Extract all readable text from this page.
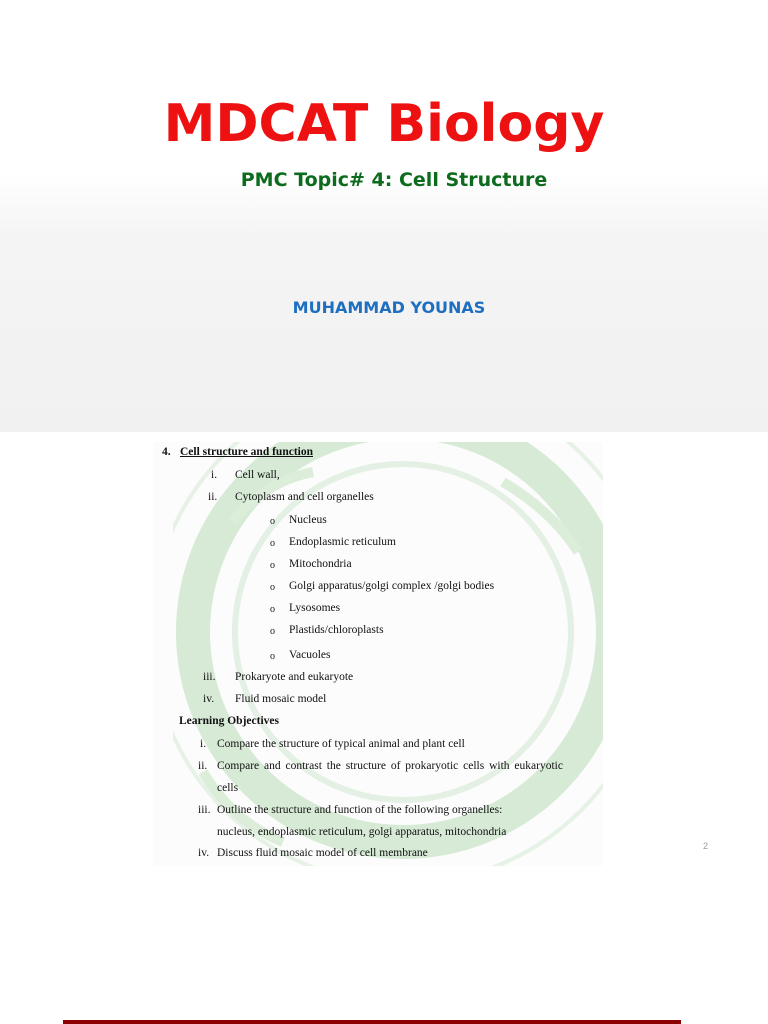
MDCAT Biology
PMC Topic# 4: Cell Structure
MUHAMMAD YOUNAS
4. Cell structure and function
i. Cell wall,
ii. Cytoplasm and cell organelles
o Nucleus
o Endoplasmic reticulum
o Mitochondria
o Golgi apparatus/golgi complex /golgi bodies
o Lysosomes
o Plastids/chloroplasts
o Vacuoles
iii. Prokaryote and eukaryote
iv. Fluid mosaic model
Learning Objectives
i. Compare the structure of typical animal and plant cell
ii. Compare and contrast the structure of prokaryotic cells with eukaryotic
cells
iii. Outline the structure and function of the following organelles:
nucleus, endoplasmic reticulum, golgi apparatus, mitochondria
iv. Discuss fluid mosaic model of cell membrane
2
